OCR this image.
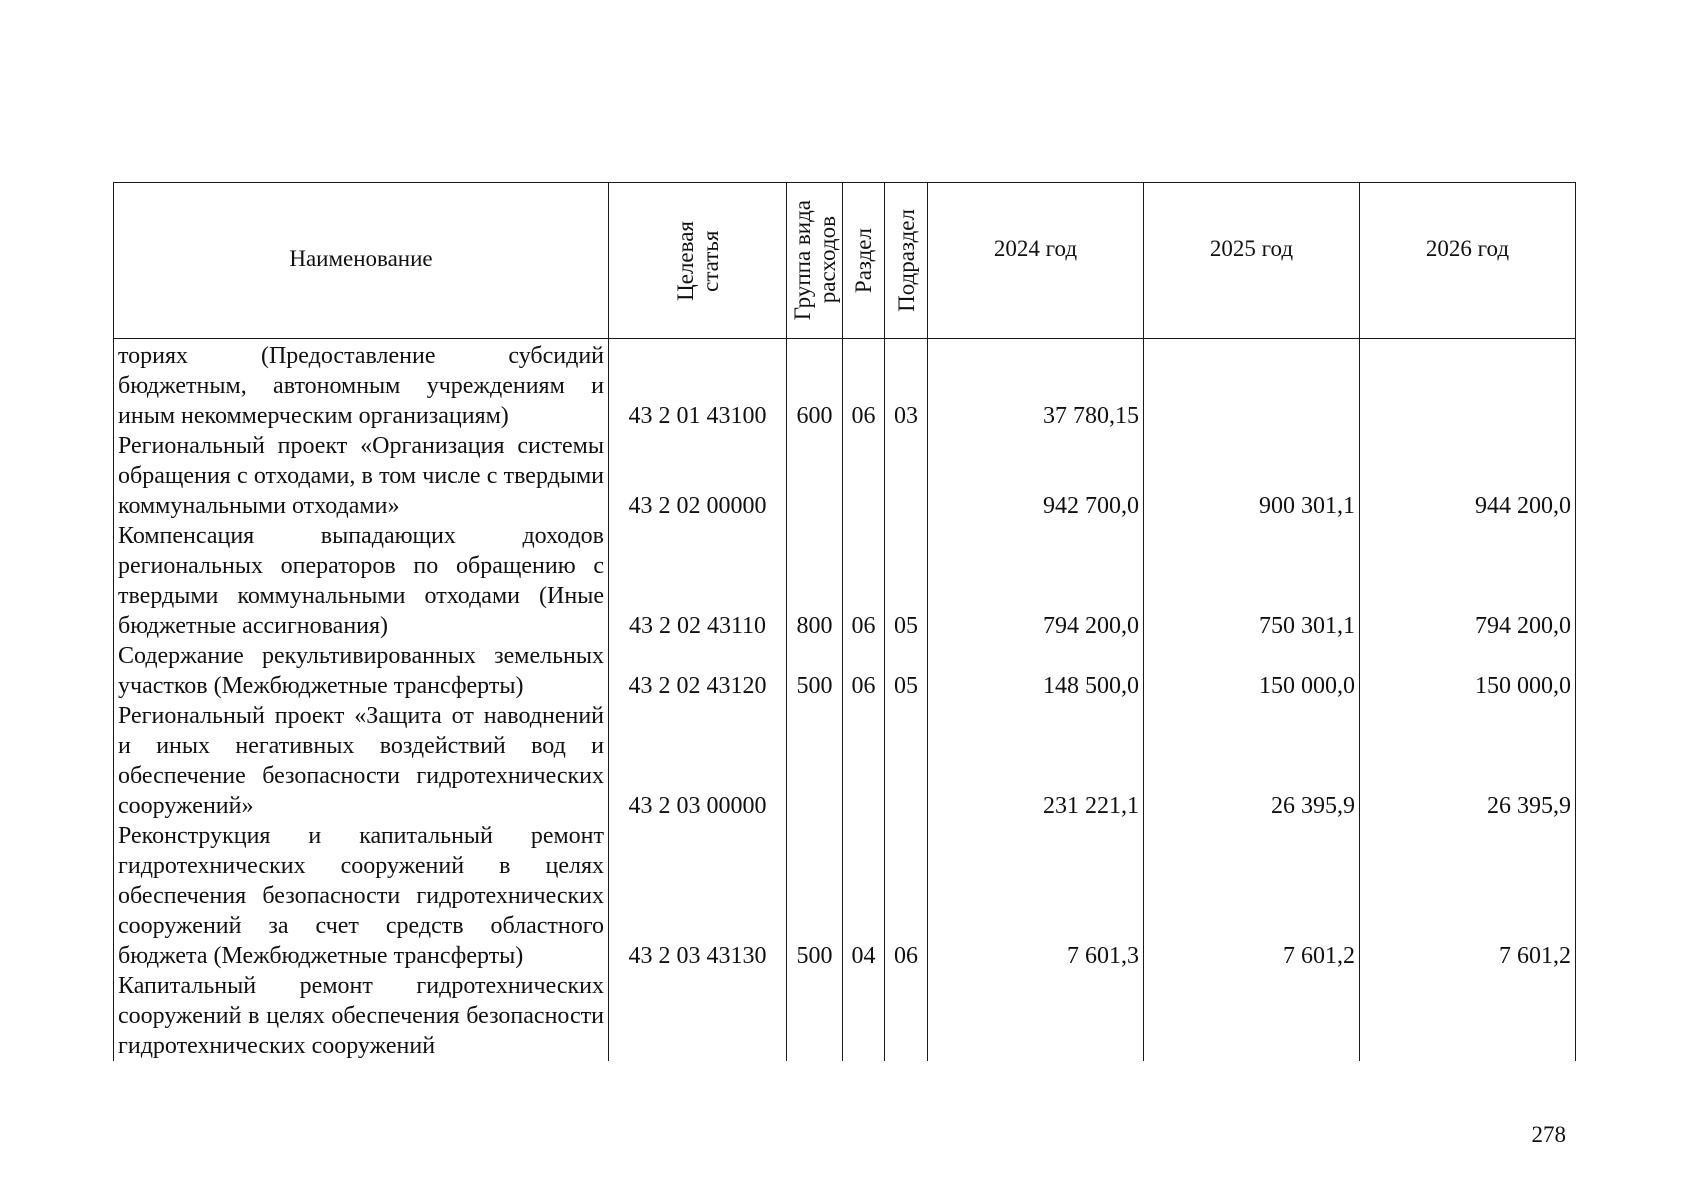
Наименование	Целевая статья	Группа вида расходов	Раздел	Подраздел	2024 год	2025 год	2026 год

ториях (Предоставление субсидий бюджетным, автономным учреждениям и иным некоммерческим организациям)	43 2 01 43100	600	06	03	37 780,15		
Региональный проект «Организация системы обращения с отходами, в том числе с твердыми коммунальными отходами»	43 2 02 00000				942 700,0	900 301,1	944 200,0
Компенсация выпадающих доходов региональных операторов по обращению с твердыми коммунальными отходами (Иные бюджетные ассигнования)	43 2 02 43110	800	06	05	794 200,0	750 301,1	794 200,0
Содержание рекультивированных земельных участков (Межбюджетные трансферты)	43 2 02 43120	500	06	05	148 500,0	150 000,0	150 000,0
Региональный проект «Защита от наводнений и иных негативных воздействий вод и обеспечение безопасности гидротехнических сооружений»	43 2 03 00000				231 221,1	26 395,9	26 395,9
Реконструкция и капитальный ремонт гидротехнических сооружений в целях обеспечения безопасности гидротехнических сооружений за счет средств областного бюджета (Межбюджетные трансферты)	43 2 03 43130	500	04	06	7 601,3	7 601,2	7 601,2
Капитальный ремонт гидротехнических сооружений в целях обеспечения безопасности гидротехнических сооружений							
278
